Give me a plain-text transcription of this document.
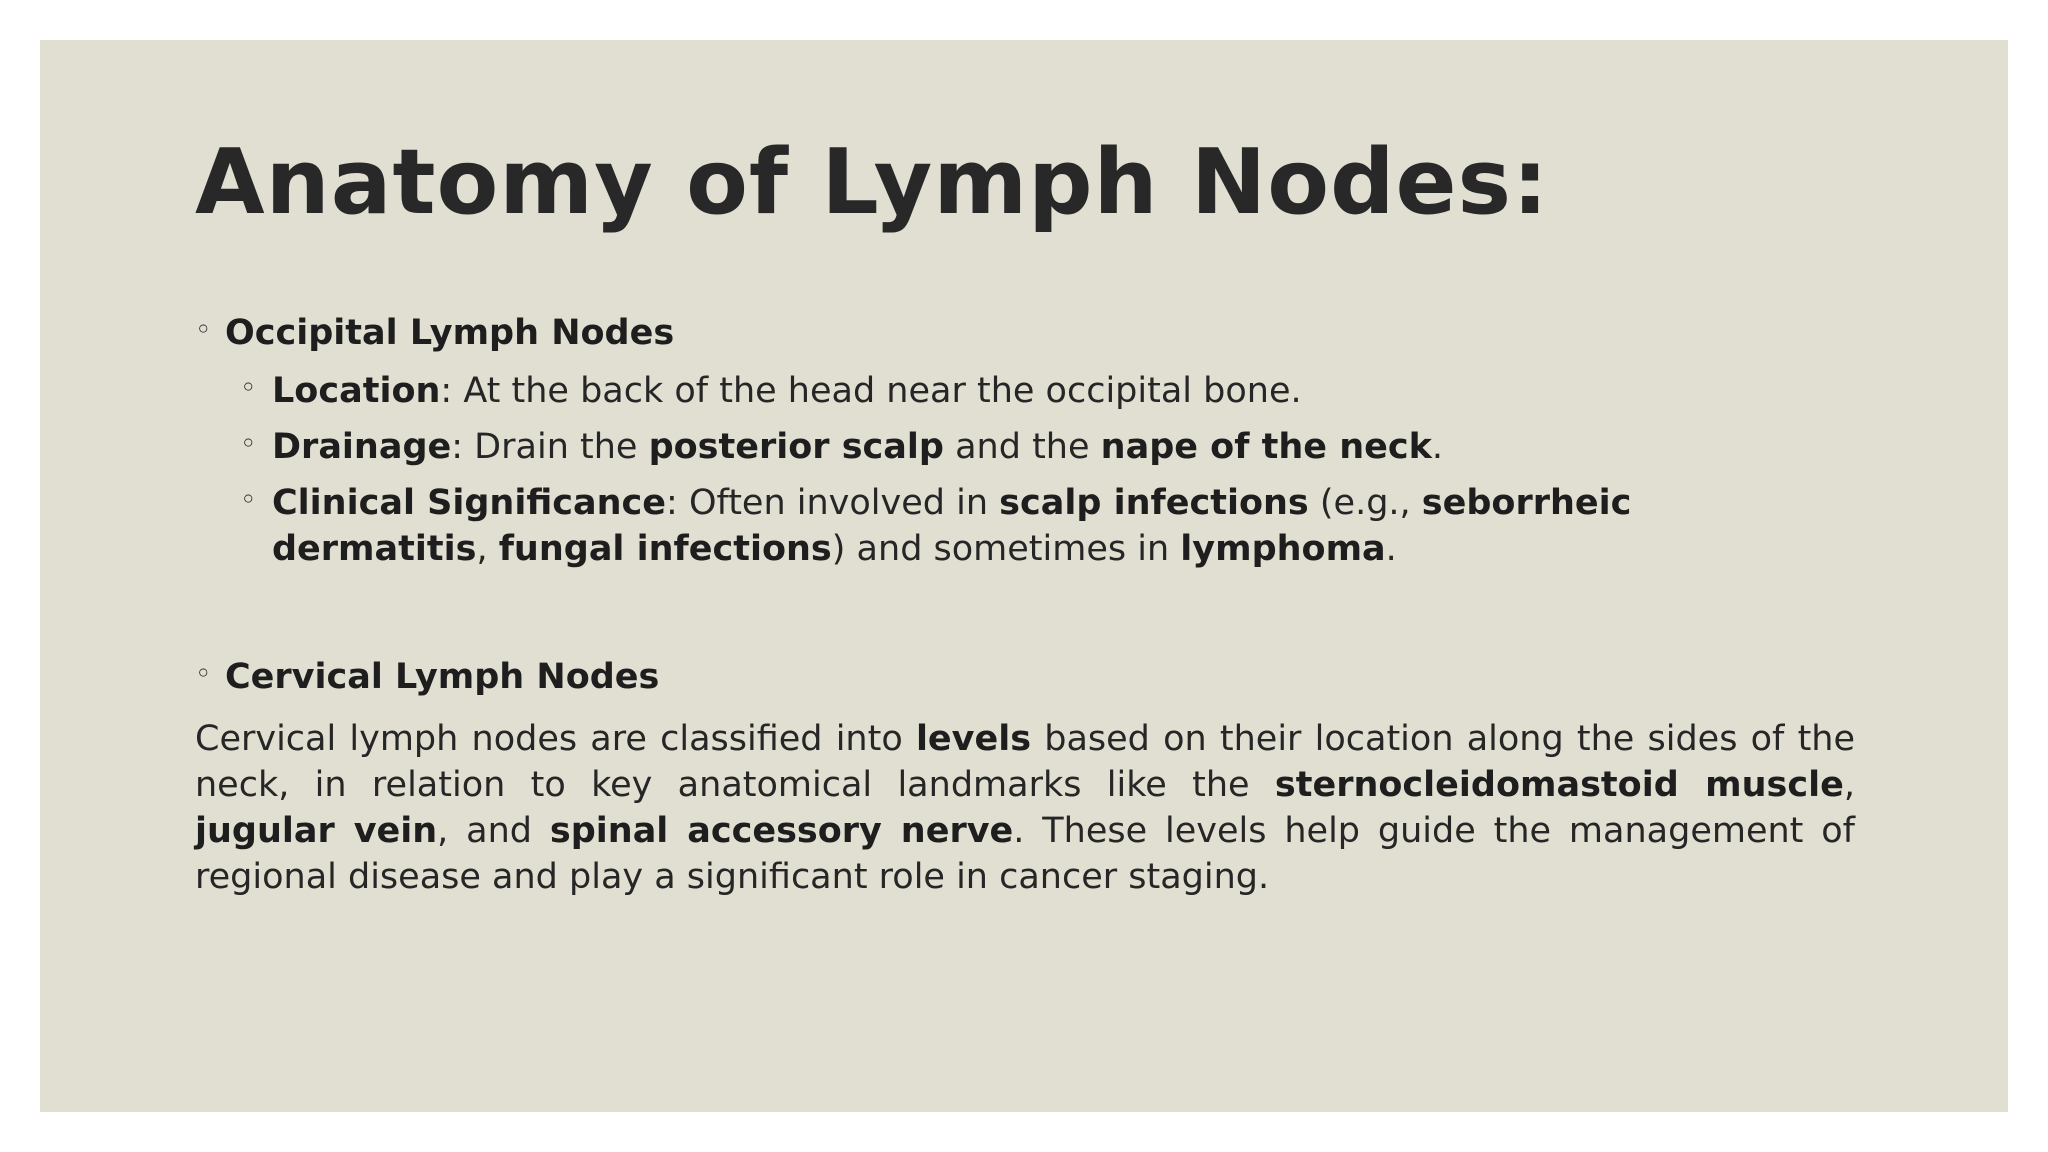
Anatomy of Lymph Nodes:
◦ Occipital Lymph Nodes
◦ Location: At the back of the head near the occipital bone.
◦ Drainage: Drain the posterior scalp and the nape of the neck.
◦ Clinical Significance: Often involved in scalp infections (e.g., seborrheic dermatitis, fungal infections) and sometimes in lymphoma.
◦ Cervical Lymph Nodes
Cervical lymph nodes are classified into levels based on their location along the sides of the neck, in relation to key anatomical landmarks like the sternocleidomastoid muscle, jugular vein, and spinal accessory nerve. These levels help guide the management of regional disease and play a significant role in cancer staging.
